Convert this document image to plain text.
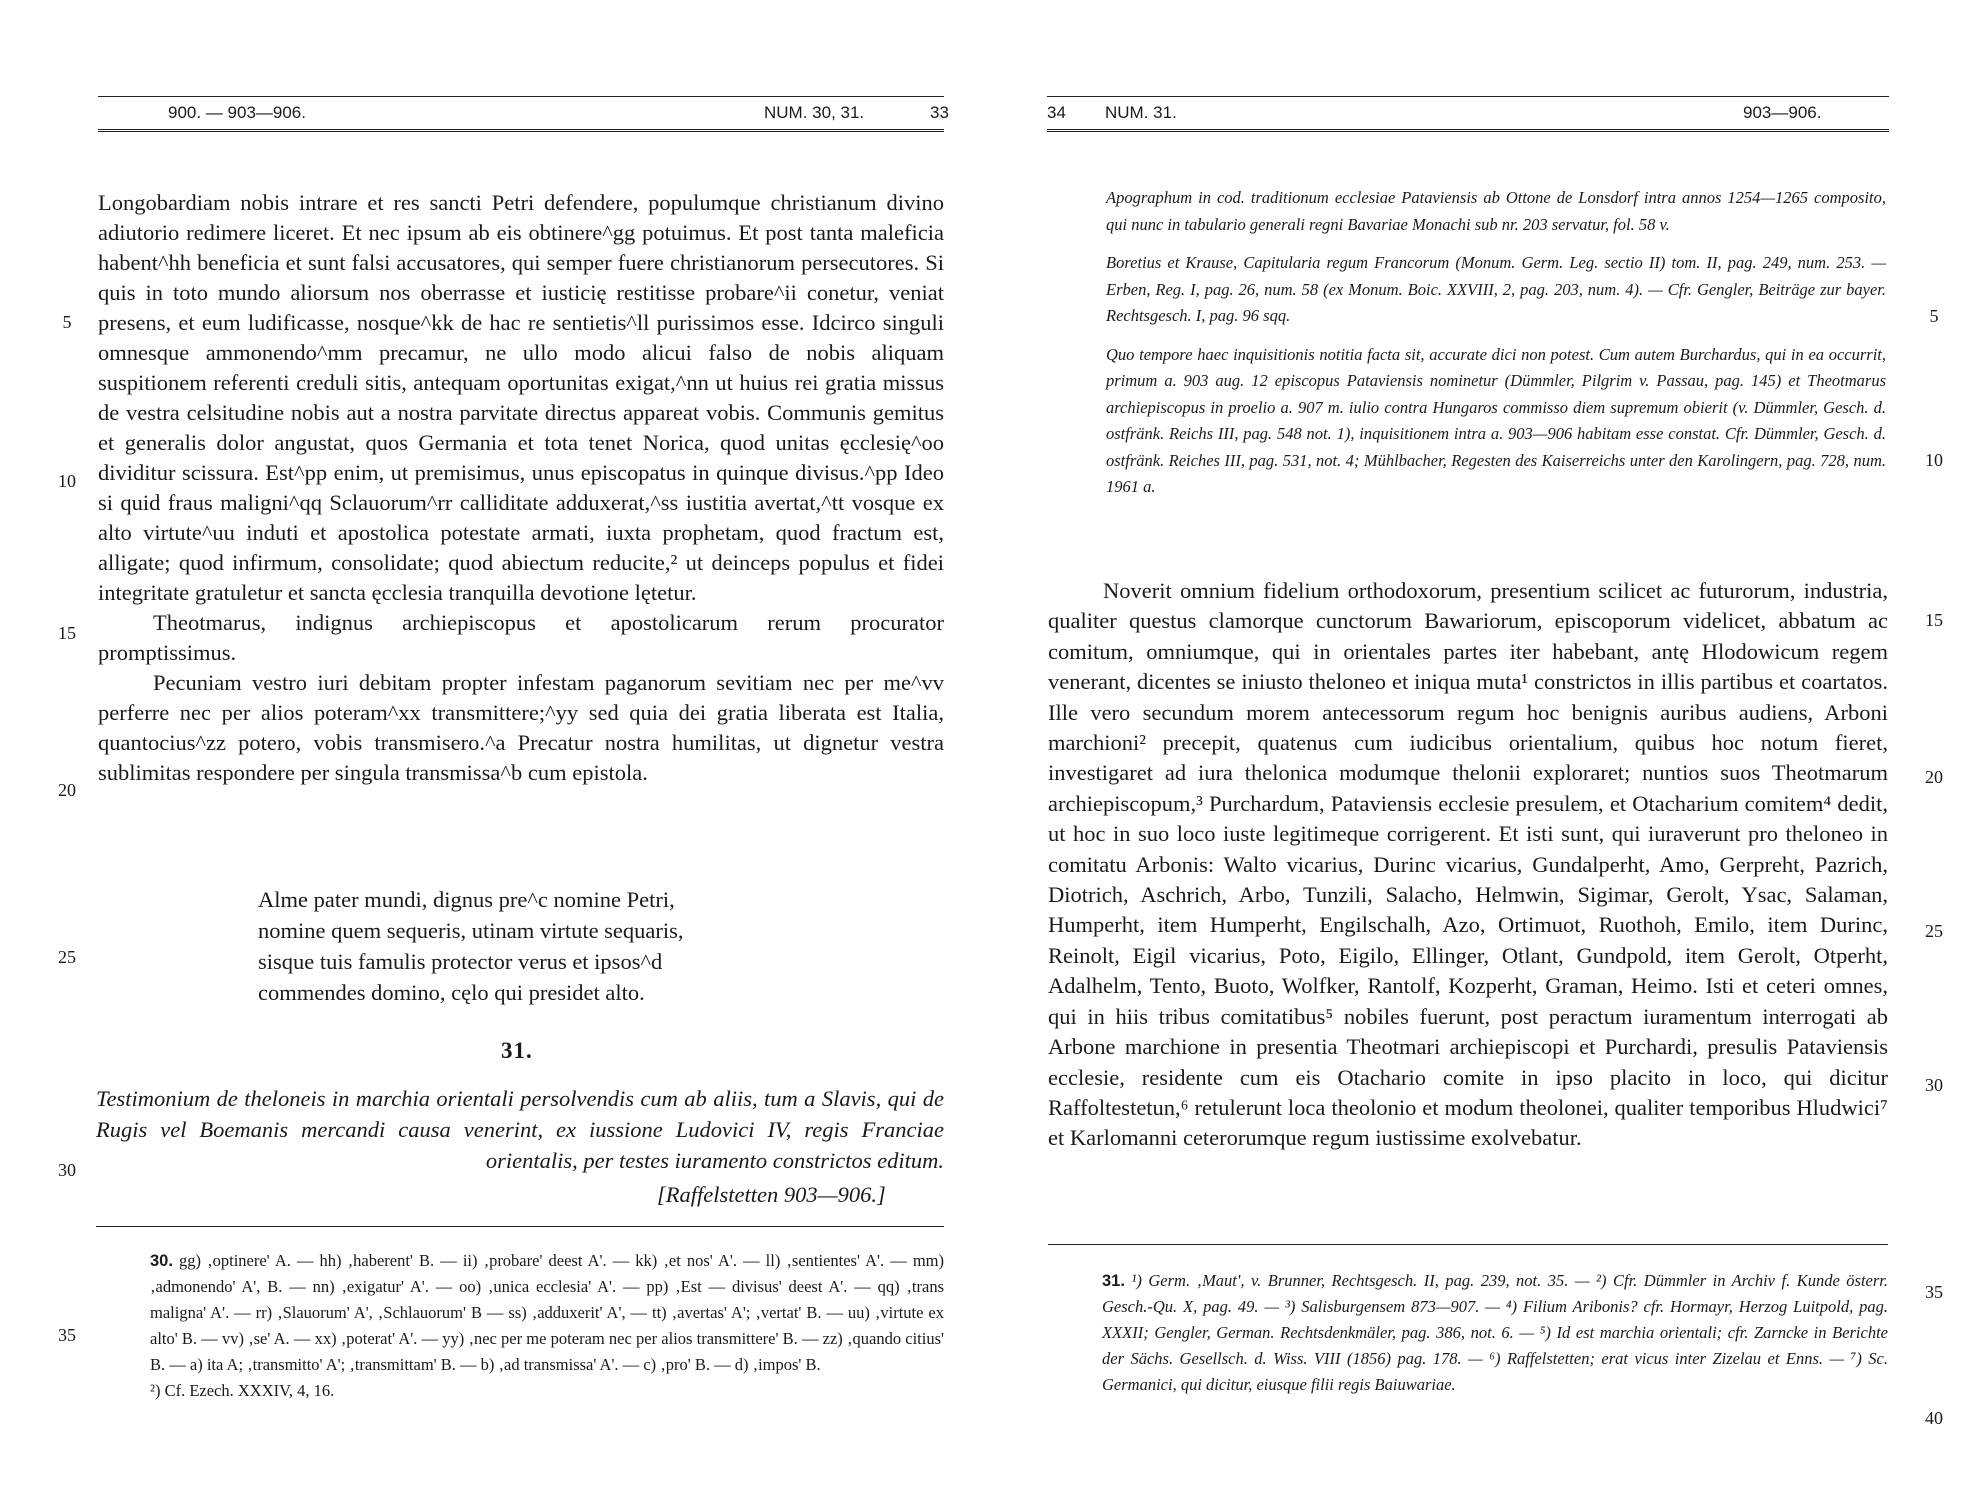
900. — 903—906.	NUM. 30, 31.	33

Longobardiam nobis intrare et res sancti Petri defendere, populumque christianum divino adiutorio redimere liceret. Et nec ipsum ab eis obtinere^gg potuimus. Et post tanta maleficia habent^hh beneficia et sunt falsi accusatores, qui semper fuere christianorum persecutores. Si quis in toto mundo aliorsum nos oberrasse et iusticię restitisse probare^ii conetur, veniat presens, et eum ludificasse, nosque^kk de hac re sentietis^ll purissimos esse. Idcirco singuli omnesque ammonendo^mm precamur, ne ullo modo alicui falso de nobis aliquam suspitionem referenti credulі sitis, antequam oportunitas exigat,^nn ut huius rei gratia missus de vestra celsitudine nobis aut a nostra parvitate directus appareat vobis. Communis gemitus et generalis dolor angustat, quos Germania et tota tenet Norica, quod unitas ęcclesię^oo dividitur scissura. Est^pp enim, ut premisimus, unus episcopatus in quinque divisus.^pp Ideo si quid fraus maligni^qq Sclauorum^rr calliditate adduxerat,^ss iustitia avertat,^tt vosque ex alto virtute^uu induti et apostolica potestate armati, iuxta prophetam, quod fractum est, alligate; quod infirmum, consolidate; quod abiectum reducite,² ut deinceps populus et fidei integritate gratuletur et sancta ęcclesia tranquilla devotione lętetur.

Theotmarus, indignus archiepiscopus et apostolicarum rerum procurator promptissimus.

Pecuniam vestro iuri debitam propter infestam paganorum sevitiam nec per me^vv perferre nec per alios poteram^xx transmittere;^yy sed quia dei gratia liberata est Italia, quantocius^zz potero, vobis transmisero.^a Precatur nostra humilitas, ut dignetur vestra sublimitas respondere per singula transmissa^b cum epistola.

Alme pater mundi, dignus pre^c nomine Petri,
nomine quem sequeris, utinam virtute sequaris,
sisque tuis famulis protector verus et ipsos^d
commendes domino, cęlo qui presidet alto.
31.
Testimonium de theloneis in marchia orientali persolvendis cum ab aliis, tum a Slavis, qui de Rugis vel Boemanis mercandi causa venerint, ex iussione Ludovici IV, regis Franciae orientalis, per testes iuramento constrictos editum.
[Raffelstetten 903—906.]
5
10
15
20
25
30
35

30. gg) ‚optinere' A. — hh) ‚haberent' B. — ii) ‚probare' deest A'. — kk) ‚et nos' A'. — ll) ‚sentientes' A'. — mm) ‚admonendo' A', B. — nn) ‚exigatur' A'. — oo) ‚unica ecclesia' A'. — pp) ‚Est — divisus' deest A'. — qq) ‚trans maligna' A'. — rr) ‚Slauorum' A', ‚Schlauorum' B — ss) ‚adduxerit' A', — tt) ‚avertas' A'; ‚vertat' B. — uu) ‚virtute ex alto' B. — vv) ‚se' A. — xx) ‚poterat' A'. — yy) ‚nec per me poteram nec per alios transmittere' B. — zz) ‚quando citius' B. — a) ita A; ‚transmitto' A'; ‚transmittam' B. — b) ‚ad transmissa' A'. — c) ‚pro' B. — d) ‚impos' B.

²) Cf. Ezech. XXXIV, 4, 16.

34 NUM. 31.	903—906.

Apographum in cod. traditionum ecclesiae Pataviensis ab Ottone de Lonsdorf intra annos 1254—1265 composito, qui nunc in tabulario generali regni Bavariae Monachi sub nr. 203 servatur, fol. 58 v.

Boretius et Krause, Capitularia regum Francorum (Monum. Germ. Leg. sectio II) tom. II, pag. 249, num. 253. — Erben, Reg. I, pag. 26, num. 58 (ex Monum. Boic. XXVIII, 2, pag. 203, num. 4). — Cfr. Gengler, Beiträge zur bayer. Rechtsgesch. I, pag. 96 sqq.

Quo tempore haec inquisitionis notitia facta sit, accurate dici non potest. Cum autem Burchardus, qui in ea occurrit, primum a. 903 aug. 12 episcopus Pataviensis nominetur (Dümmler, Pilgrim v. Passau, pag. 145) et Theotmarus archiepiscopus in proelio a. 907 m. iulio contra Hungaros commisso diem supremum obierit (v. Dümmler, Gesch. d. ostfränk. Reichs III, pag. 548 not. 1), inquisitionem intra a. 903—906 habitam esse constat. Cfr. Dümmler, Gesch. d. ostfränk. Reiches III, pag. 531, not. 4; Mühlbacher, Regesten des Kaiserreichs unter den Karolingern, pag. 728, num. 1961 a.

Noverit omnium fidelium orthodoxorum, presentium scilicet ac futurorum, industria, qualiter questus clamorque cunctorum Bawariorum, episcoporum videlicet, abbatum ac comitum, omniumque, qui in orientales partes iter habebant, antę Hlodowicum regem venerant, dicentes se iniusto theloneo et iniqua muta¹ constrictos in illis partibus et coartatos. Ille vero secundum morem antecessorum regum hoc benignis auribus audiens, Arboni marchioni² precepit, quatenus cum iudicibus orientalium, quibus hoc notum fieret, investigaret ad iura thelonica modumque thelonii exploraret; nuntios suos Theotmarum archiepiscopum,³ Purchardum, Pataviensis ecclesie presulem, et Otacharium comitem⁴ dedit, ut hoc in suo loco iuste legitimeque corrigerent. Et isti sunt, qui iuraverunt pro theloneo in comitatu Arbonis: Walto vicarius, Durinc vicarius, Gundalperht, Amo, Gerpreht, Pazrich, Diotrich, Aschrich, Arbo, Tunzili, Salacho, Helmwin, Sigimar, Gerolt, Ysac, Salaman, Humperht, item Humperht, Engilschalh, Azo, Ortimuot, Ruothoh, Emilo, item Durinc, Reinolt, Eigil vicarius, Poto, Eigilo, Ellinger, Otlant, Gundpold, item Gerolt, Otperht, Adalhelm, Tento, Buoto, Wolfker, Rantolf, Kozperht, Graman, Heimo. Isti et ceteri omnes, qui in hiis tribus comitatibus⁵ nobiles fuerunt, post peractum iuramentum interrogati ab Arbone marchione in presentia Theotmari archiepiscopi et Purchardi, presulis Pataviensis ecclesie, residente cum eis Otachario comite in ipso placito in loco, qui dicitur Raffoltestetun,⁶ retulerunt loca theolonio et modum theolonei, qualiter temporibus Hludwici⁷ et Karlomanni ceterorumque regum iustissime exolvebatur.

5
10
15
20
25
30
35
40

31. ¹) Germ. ‚Maut', v. Brunner, Rechtsgesch. II, pag. 239, not. 35. — ²) Cfr. Dümmler in Archiv f. Kunde österr. Gesch.-Qu. X, pag. 49. — ³) Salisburgensem 873—907. — ⁴) Filium Aribonis? cfr. Hormayr, Herzog Luitpold, pag. XXXII; Gengler, German. Rechtsdenkmäler, pag. 386, not. 6. — ⁵) Id est marchia orientali; cfr. Zarncke in Berichte der Sächs. Gesellsch. d. Wiss. VIII (1856) pag. 178. — ⁶) Raffelstetten; erat vicus inter Zizelau et Enns. — ⁷) Sc. Germanici, qui dicitur, eiusque filii regis Baiuwariae.
